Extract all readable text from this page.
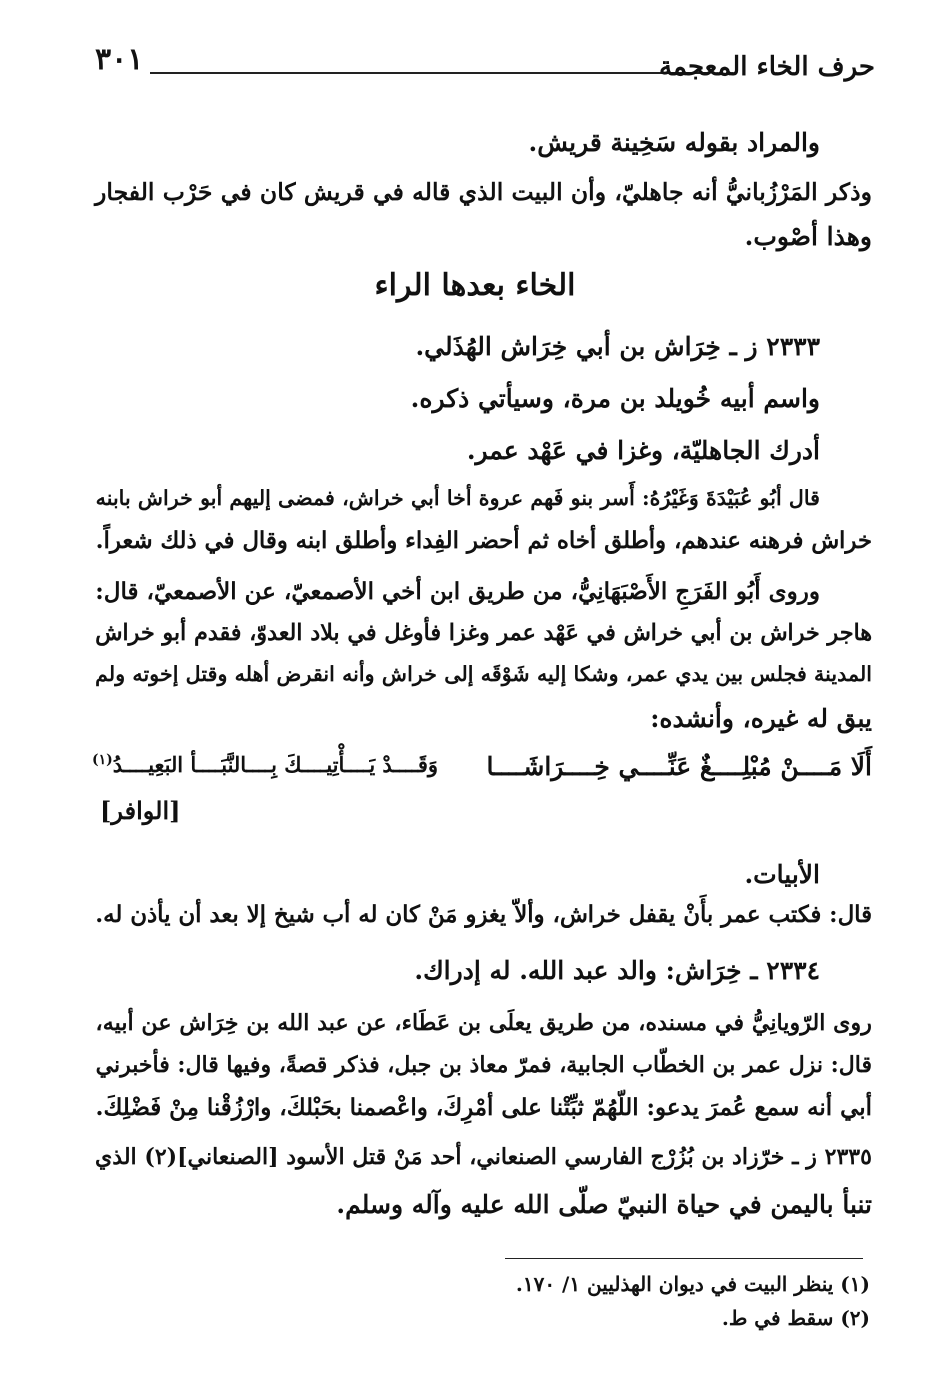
٣٠١	حرف الخاء المعجمة
والمراد بقوله سَخِينة قريش.
وذكر المَرْزُبانيُّ أنه جاهليّ، وأن البيت الذي قاله في قريش كان في حَرْب الفجار
وهذا أصْوب.
الخاء بعدها الراء
٢٣٣٣ ز ـ خِرَاش بن أبي خِرَاش الهُذَلي.
واسم أبيه خُويلد بن مرة، وسيأتي ذكره.
أدرك الجاهليّة، وغزا في عَهْد عمر.
قال أبُو عُبَيْدَةَ وَغَيْرُهُ: أَسر بنو فَهم عروة أخا أبي خراش، فمضى إليهم أبو خراش بابنه
خراش فرهنه عندهم، وأطلق أخاه ثم أحضر الفِداء وأطلق ابنه وقال في ذلك شعراً.
وروى أَبُو الفَرَجِ الأَصْبَهَانِيُّ، من طريق ابن أخي الأصمعيّ، عن الأصمعيّ، قال:
هاجر خراش بن أبي خراش في عَهْد عمر وغزا فأوغل في بلاد العدوّ، فقدم أبو خراش
المدينة فجلس بين يدي عمر، وشكا إليه شَوْقَه إلى خراش وأنه انقرض أهله وقتل إخوته ولم
يبق له غيره، وأنشده:
أَلَا مَــــنْ مُبْلِــــغٌ عَنِّــــي خِــــرَاشَــــا
وَقَــــدْ يَــــأْتِيــــكَ بِــــالنَّبَــــأ البَعِيــــدُ$^{(١)}$
[الوافر]
الأبيات.
قال: فكتب عمر بأَنْ يقفل خراش، وألاّ يغزو مَنْ كان له أب شيخ إلا بعد أن يأذن له.
٢٣٣٤ ـ خِرَاش: والد عبد الله. له إدراك.
روى الرّويانِيُّ في مسنده، من طريق يعلَى بن عَطَاء، عن عبد الله بن خِرَاش عن أبيه،
قال: نزل عمر بن الخطّاب الجابية، فمرّ معاذ بن جبل، فذكر قصةً، وفيها قال: فأخبرني
أبي أنه سمع عُمرَ يدعو: اللّهُمّ ثبِّتْنا على أمْرِكَ، واعْصمنا بحَبْلكَ، وارْزُقْنا مِنْ فَضْلِكَ.
٢٣٣٥ ز ـ خرّزاد بن بُزُرْج الفارسي الصنعاني، أحد مَنْ قتل الأسود [الصنعاني](٢) الذي
تنبأ باليمن في حياة النبيّ صلّى الله عليه وآله وسلم.
(١) ينظر البيت في ديوان الهذليين ١/ ١٧٠.
(٢) سقط في ط.
